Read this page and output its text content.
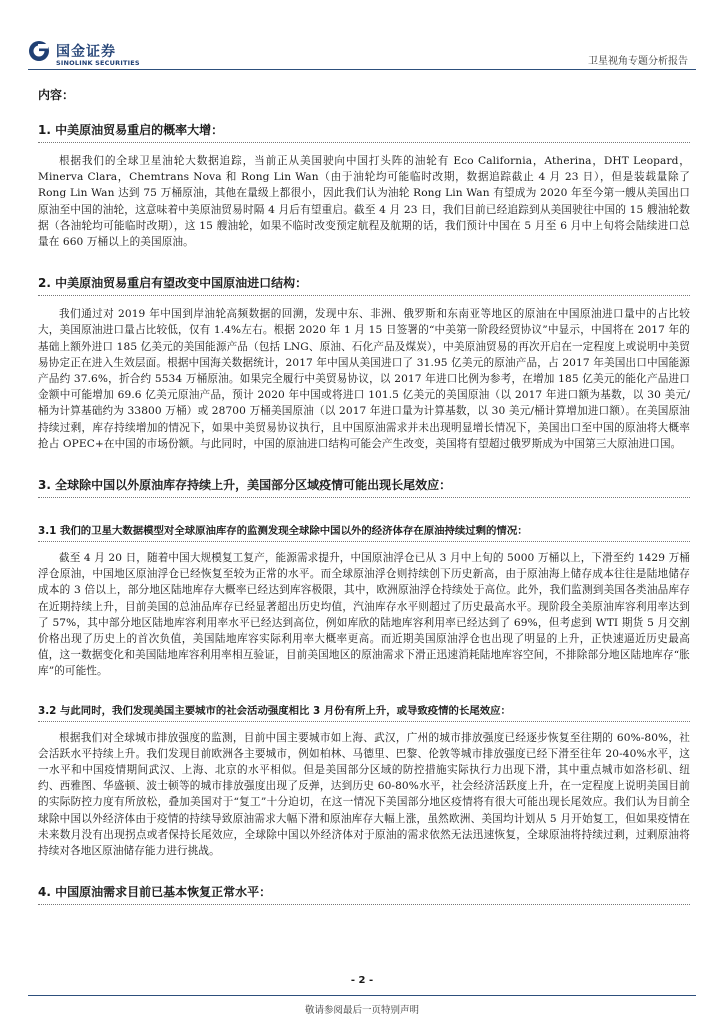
国金证券
SINOLINK SECURITIES	卫星视角专题分析报告
内容：
1. 中美原油贸易重启的概率大增：

根据我们的全球卫星油轮大数据追踪，当前正从美国驶向中国打头阵的油轮有 Eco California，Atherina，DHT Leopard，Minerva Clara，Chemtrans Nova 和 Rong Lin Wan（由于油轮均可能临时改期，数据追踪截止 4 月 23 日），但是装载量除了 Rong Lin Wan 达到 75 万桶原油，其他在量级上都很小，因此我们认为油轮 Rong Lin Wan 有望成为 2020 年至今第一艘从美国出口原油至中国的油轮，这意味着中美原油贸易时隔 4 月后有望重启。截至 4 月 23 日，我们目前已经追踪到从美国驶往中国的 15 艘油轮数据（各油轮均可能临时改期），这 15 艘油轮，如果不临时改变预定航程及航期的话，我们预计中国在 5 月至 6 月中上旬将会陆续进口总量在 660 万桶以上的美国原油。

2. 中美原油贸易重启有望改变中国原油进口结构：

我们通过对 2019 年中国到岸油轮高频数据的回溯，发现中东、非洲、俄罗斯和东南亚等地区的原油在中国原油进口量中的占比较大，美国原油进口量占比较低，仅有 1.4%左右。根据 2020 年 1 月 15 日签署的“中美第一阶段经贸协议”中显示，中国将在 2017 年的基础上额外进口 185 亿美元的美国能源产品（包括 LNG、原油、石化产品及煤炭），中美原油贸易的再次开启在一定程度上或说明中美贸易协定正在进入生效层面。根据中国海关数据统计，2017 年中国从美国进口了 31.95 亿美元的原油产品，占 2017 年美国出口中国能源产品约 37.6%，折合约 5534 万桶原油。如果完全履行中美贸易协议，以 2017 年进口比例为参考，在增加 185 亿美元的能化产品进口金额中可能增加 69.6 亿美元原油产品，预计 2020 年中国或将进口 101.5 亿美元的美国原油（以 2017 年进口额为基数，以 30 美元/桶为计算基础约为 33800 万桶）或 28700 万桶美国原油（以 2017 年进口量为计算基数，以 30 美元/桶计算增加进口额）。在美国原油持续过剩，库存持续增加的情况下，如果中美贸易协议执行，且中国原油需求并未出现明显增长情况下，美国出口至中国的原油将大概率抢占 OPEC+在中国的市场份额。与此同时，中国的原油进口结构可能会产生改变，美国将有望超过俄罗斯成为中国第三大原油进口国。

3. 全球除中国以外原油库存持续上升，美国部分区域疫情可能出现长尾效应：
3.1 我们的卫星大数据模型对全球原油库存的监测发现全球除中国以外的经济体存在原油持续过剩的情况：

截至 4 月 20 日，随着中国大规模复工复产，能源需求提升，中国原油浮仓已从 3 月中上旬的 5000 万桶以上，下滑至约 1429 万桶浮仓原油，中国地区原油浮仓已经恢复至较为正常的水平。而全球原油浮仓则持续创下历史新高，由于原油海上储存成本往往是陆地储存成本的 3 倍以上，部分地区陆地库存大概率已经达到库容极限，其中，欧洲原油浮仓持续处于高位。此外，我们监测到美国各类油品库存在近期持续上升，目前美国的总油品库存已经显著超出历史均值，汽油库存水平则超过了历史最高水平。现阶段全美原油库容利用率达到了 57%，其中部分地区陆地库容利用率水平已经达到高位，例如库欣的陆地库容利用率已经达到了 69%，但考虑到 WTI 期货 5 月交割价格出现了历史上的首次负值，美国陆地库容实际利用率大概率更高。而近期美国原油浮仓也出现了明显的上升，正快速逼近历史最高值，这一数据变化和美国陆地库容利用率相互验证，目前美国地区的原油需求下滑正迅速消耗陆地库容空间，不排除部分地区陆地库存“胀库”的可能性。

3.2 与此同时，我们发现美国主要城市的社会活动强度相比 3 月份有所上升，或导致疫情的长尾效应：

根据我们对全球城市排放强度的监测，目前中国主要城市如上海、武汉，广州的城市排放强度已经逐步恢复至往期的 60%-80%，社会活跃水平持续上升。我们发现目前欧洲各主要城市，例如柏林、马德里、巴黎、伦敦等城市排放强度已经下滑至往年 20-40%水平，这一水平和中国疫情期间武汉、上海、北京的水平相似。但是美国部分区域的防控措施实际执行力出现下滑，其中重点城市如洛杉矶、纽约、西雅图、华盛顿、波士顿等的城市排放强度出现了反弹，达到历史 60-80%水平，社会经济活跃度上升，在一定程度上说明美国目前的实际防控力度有所放松，叠加美国对于“复工”十分迫切，在这一情况下美国部分地区疫情将有很大可能出现长尾效应。我们认为目前全球除中国以外经济体由于疫情的持续导致原油需求大幅下滑和原油库存大幅上涨，虽然欧洲、美国均计划从 5 月开始复工，但如果疫情在未来数月没有出现拐点或者保持长尾效应，全球除中国以外经济体对于原油的需求依然无法迅速恢复，全球原油将持续过剩，过剩原油将持续对各地区原油储存能力进行挑战。

4. 中国原油需求目前已基本恢复正常水平：
- 2 -
敬请参阅最后一页特别声明
